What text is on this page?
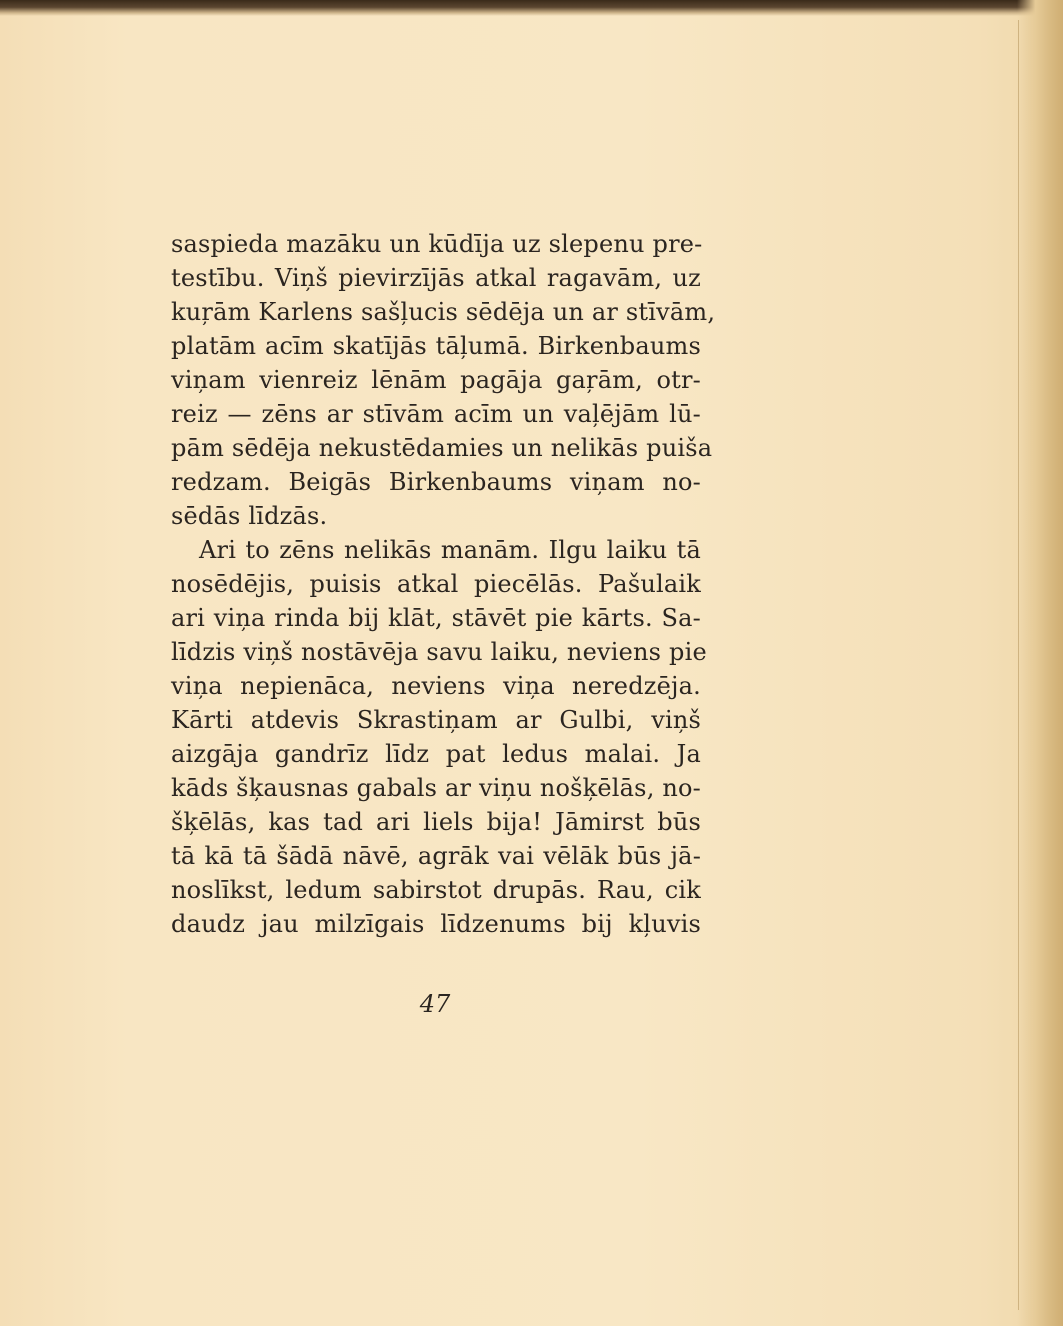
saspieda mazāku un kūdīja uz slepenu pre-
testību. Viņš pievirzījās atkal ragavām, uz
kuŗām Karlens sašļucis sēdēja un ar stīvām,
platām acīm skatījās tāļumā. Birkenbaums
viņam vienreiz lēnām pagāja gaŗām, otr-
reiz — zēns ar stīvām acīm un vaļējām lū-
pām sēdēja nekustēdamies un nelikās puiša
redzam. Beigās Birkenbaums viņam no-
sēdās līdzās.
Ari to zēns nelikās manām. Ilgu laiku tā
nosēdējis, puisis atkal piecēlās. Pašulaik
ari viņa rinda bij klāt, stāvēt pie kārts. Sa-
līdzis viņš nostāvēja savu laiku, neviens pie
viņa nepienāca, neviens viņa neredzēja.
Kārti atdevis Skrastiņam ar Gulbi, viņš
aizgāja gandrīz līdz pat ledus malai. Ja
kāds šķausnas gabals ar viņu nošķēlās, no-
šķēlās, kas tad ari liels bija! Jāmirst būs
tā kā tā šādā nāvē, agrāk vai vēlāk būs jā-
noslīkst, ledum sabirstot drupās. Rau, cik
daudz jau milzīgais līdzenums bij kļuvis
47
